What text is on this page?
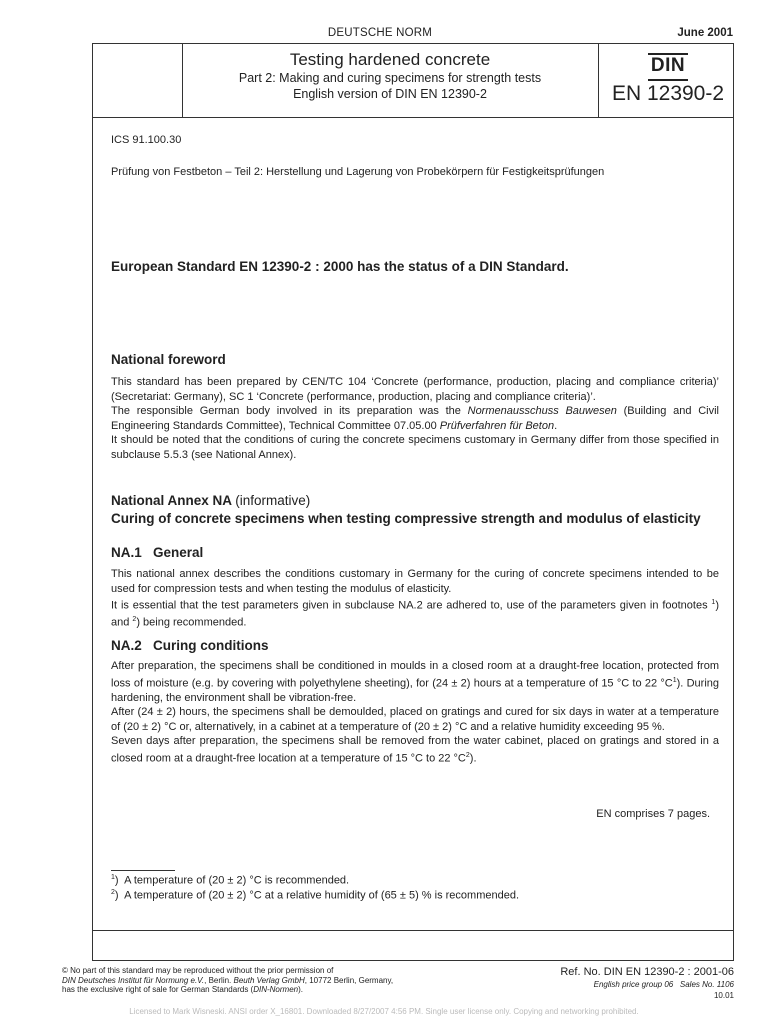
DEUTSCHE NORM	June 2001
Testing hardened concrete
Part 2: Making and curing specimens for strength tests
English version of DIN EN 12390-2
DIN
EN 12390-2
ICS 91.100.30
Prüfung von Festbeton – Teil 2: Herstellung und Lagerung von Probekörpern für Festigkeitsprüfungen
European Standard EN 12390-2 : 2000 has the status of a DIN Standard.
National foreword

This standard has been prepared by CEN/TC 104 ‘Concrete (performance, production, placing and compliance criteria)’ (Secretariat: Germany), SC 1 ‘Concrete (performance, production, placing and compliance criteria)’.

The responsible German body involved in its preparation was the Normenausschuss Bauwesen (Building and Civil Engineering Standards Committee), Technical Committee 07.05.00 Prüfverfahren für Beton.

It should be noted that the conditions of curing the concrete specimens customary in Germany differ from those specified in subclause 5.5.3 (see National Annex).

National Annex NA (informative)
Curing of concrete specimens when testing compressive strength and modulus of elasticity
NA.1   General

This national annex describes the conditions customary in Germany for the curing of concrete specimens intended to be used for compression tests and when testing the modulus of elasticity.

It is essential that the test parameters given in subclause NA.2 are adhered to, use of the parameters given in footnotes $^1$) and $^2$) being recommended.

NA.2   Curing conditions

After preparation, the specimens shall be conditioned in moulds in a closed room at a draught-free location, protected from loss of moisture (e.g. by covering with polyethylene sheeting), for (24 ± 2) hours at a temperature of 15 °C to 22 $^\circ C^1$). During hardening, the environment shall be vibration-free.

After (24 ± 2) hours, the specimens shall be demoulded, placed on gratings and cured for six days in water at a temperature of (20 ± 2) °C or, alternatively, in a cabinet at a temperature of (20 ± 2) °C and a relative humidity exceeding 95 %.

Seven days after preparation, the specimens shall be removed from the water cabinet, placed on gratings and stored in a closed room at a draught-free location at a temperature of 15 °C to 22 $^\circ C^2$).

EN comprises 7 pages.
$^1$)  A temperature of (20 ± 2) °C is recommended.
$^2$)  A temperature of (20 ± 2) °C at a relative humidity of (65 ± 5) % is recommended.
© No part of this standard may be reproduced without the prior permission of
DIN Deutsches Institut für Normung e.V., Berlin. Beuth Verlag GmbH, 10772 Berlin, Germany,
has the exclusive right of sale for German Standards (DIN-Normen).
Ref. No. DIN EN 12390-2 : 2001-06
English price group 06 Sales No. 1106
10.01
Licensed to Mark Wisneski. ANSI order X_16801. Downloaded 8/27/2007 4:56 PM. Single user license only. Copying and networking prohibited.
